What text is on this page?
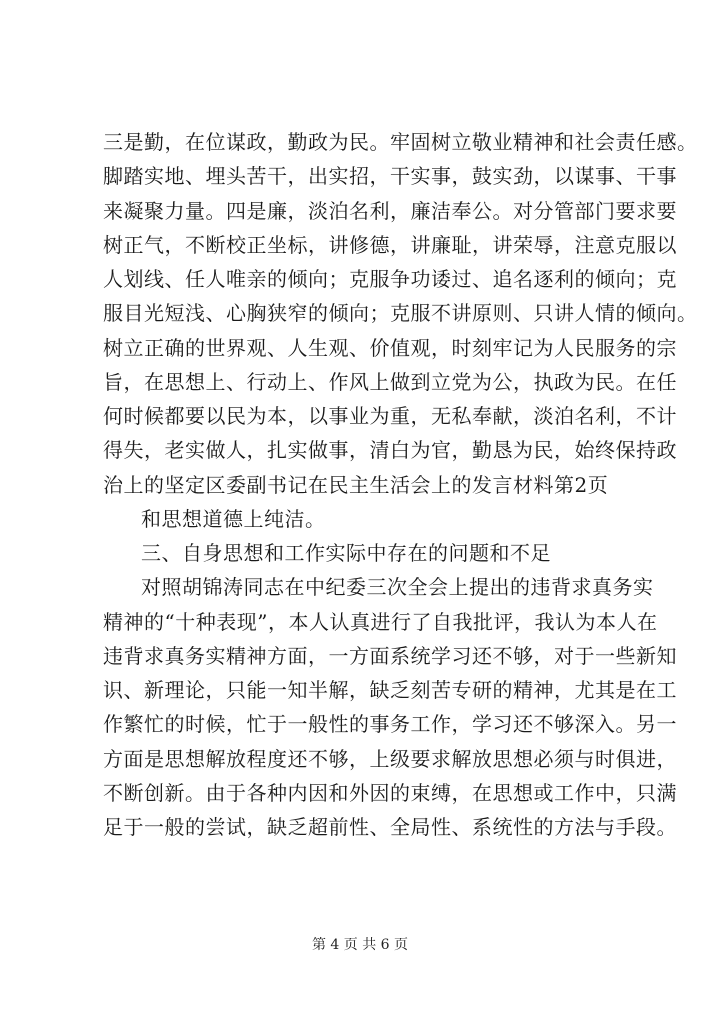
三是勤，在位谋政，勤政为民。牢固树立敬业精神和社会责任感。
脚踏实地、埋头苦干，出实招，干实事，鼓实劲，以谋事、干事
来凝聚力量。四是廉，淡泊名利，廉洁奉公。对分管部门要求要
树正气，不断校正坐标，讲修德，讲廉耻，讲荣辱，注意克服以
人划线、任人唯亲的倾向；克服争功诿过、追名逐利的倾向；克
服目光短浅、心胸狭窄的倾向；克服不讲原则、只讲人情的倾向。
树立正确的世界观、人生观、价值观，时刻牢记为人民服务的宗
旨，在思想上、行动上、作风上做到立党为公，执政为民。在任
何时候都要以民为本，以事业为重，无私奉献，淡泊名利，不计
得失，老实做人，扎实做事，清白为官，勤恳为民，始终保持政
治上的坚定区委副书记在民主生活会上的发言材料第2页
和思想道德上纯洁。
三、自身思想和工作实际中存在的问题和不足
对照胡锦涛同志在中纪委三次全会上提出的违背求真务实
精神的“十种表现”，本人认真进行了自我批评，我认为本人在
违背求真务实精神方面，一方面系统学习还不够，对于一些新知
识、新理论，只能一知半解，缺乏刻苦专研的精神，尤其是在工
作繁忙的时候，忙于一般性的事务工作，学习还不够深入。另一
方面是思想解放程度还不够，上级要求解放思想必须与时俱进，
不断创新。由于各种内因和外因的束缚，在思想或工作中，只满
足于一般的尝试，缺乏超前性、全局性、系统性的方法与手段。
第 4 页 共 6 页
